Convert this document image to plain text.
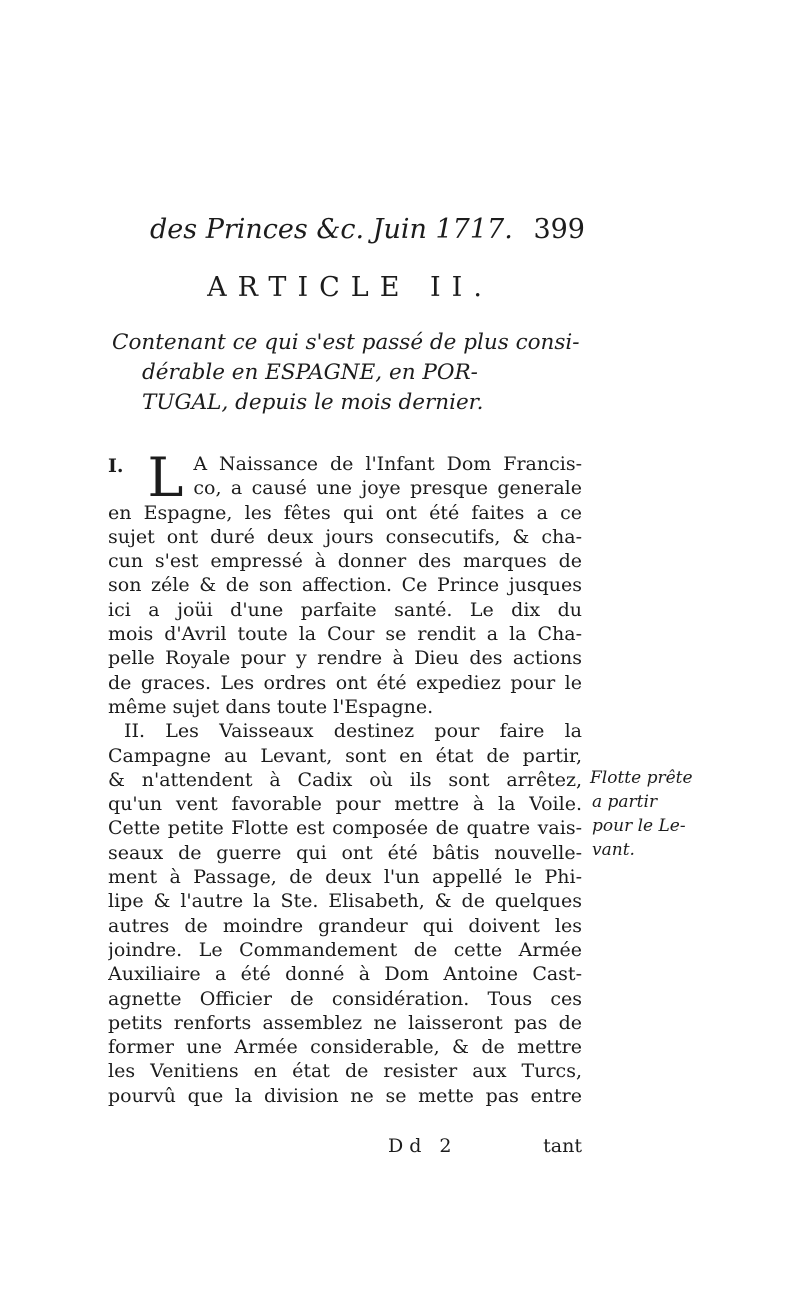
des Princes &c. Juin 1717. 399
ARTICLE II.
Contenant ce qui s'est passé de plus consi-
dérable en ESPAGNE, en POR-
TUGAL, depuis le mois dernier.
I. L A Naissance de l'Infant Dom Francis-
co, a causé une joye presque generale
en Espagne, les fêtes qui ont été faites a ce
sujet ont duré deux jours consecutifs, & cha-
cun s'est empressé à donner des marques de
son zéle & de son affection. Ce Prince jusques
ici a joüi d'une parfaite santé. Le dix du
mois d'Avril toute la Cour se rendit a la Cha-
pelle Royale pour y rendre à Dieu des actions
de graces. Les ordres ont été expediez pour le
même sujet dans toute l'Espagne.
II. Les Vaisseaux destinez pour faire la
Campagne au Levant, sont en état de partir,
& n'attendent à Cadix où ils sont arrêtez,
qu'un vent favorable pour mettre à la Voile.
Cette petite Flotte est composée de quatre vais-
seaux de guerre qui ont été bâtis nouvelle-
ment à Passage, de deux l'un appellé le Phi-
lipe & l'autre la Ste. Elisabeth, & de quelques
autres de moindre grandeur qui doivent les
joindre. Le Commandement de cette Armée
Auxiliaire a été donné à Dom Antoine Cast-
agnette Officier de considération. Tous ces
petits renforts assemblez ne laisseront pas de
former une Armée considerable, & de mettre
les Venitiens en état de resister aux Turcs,
pourvû que la division ne se mette pas entre
Flotte prête
a partir
pour le Le-
vant.
Dd 2	tant
